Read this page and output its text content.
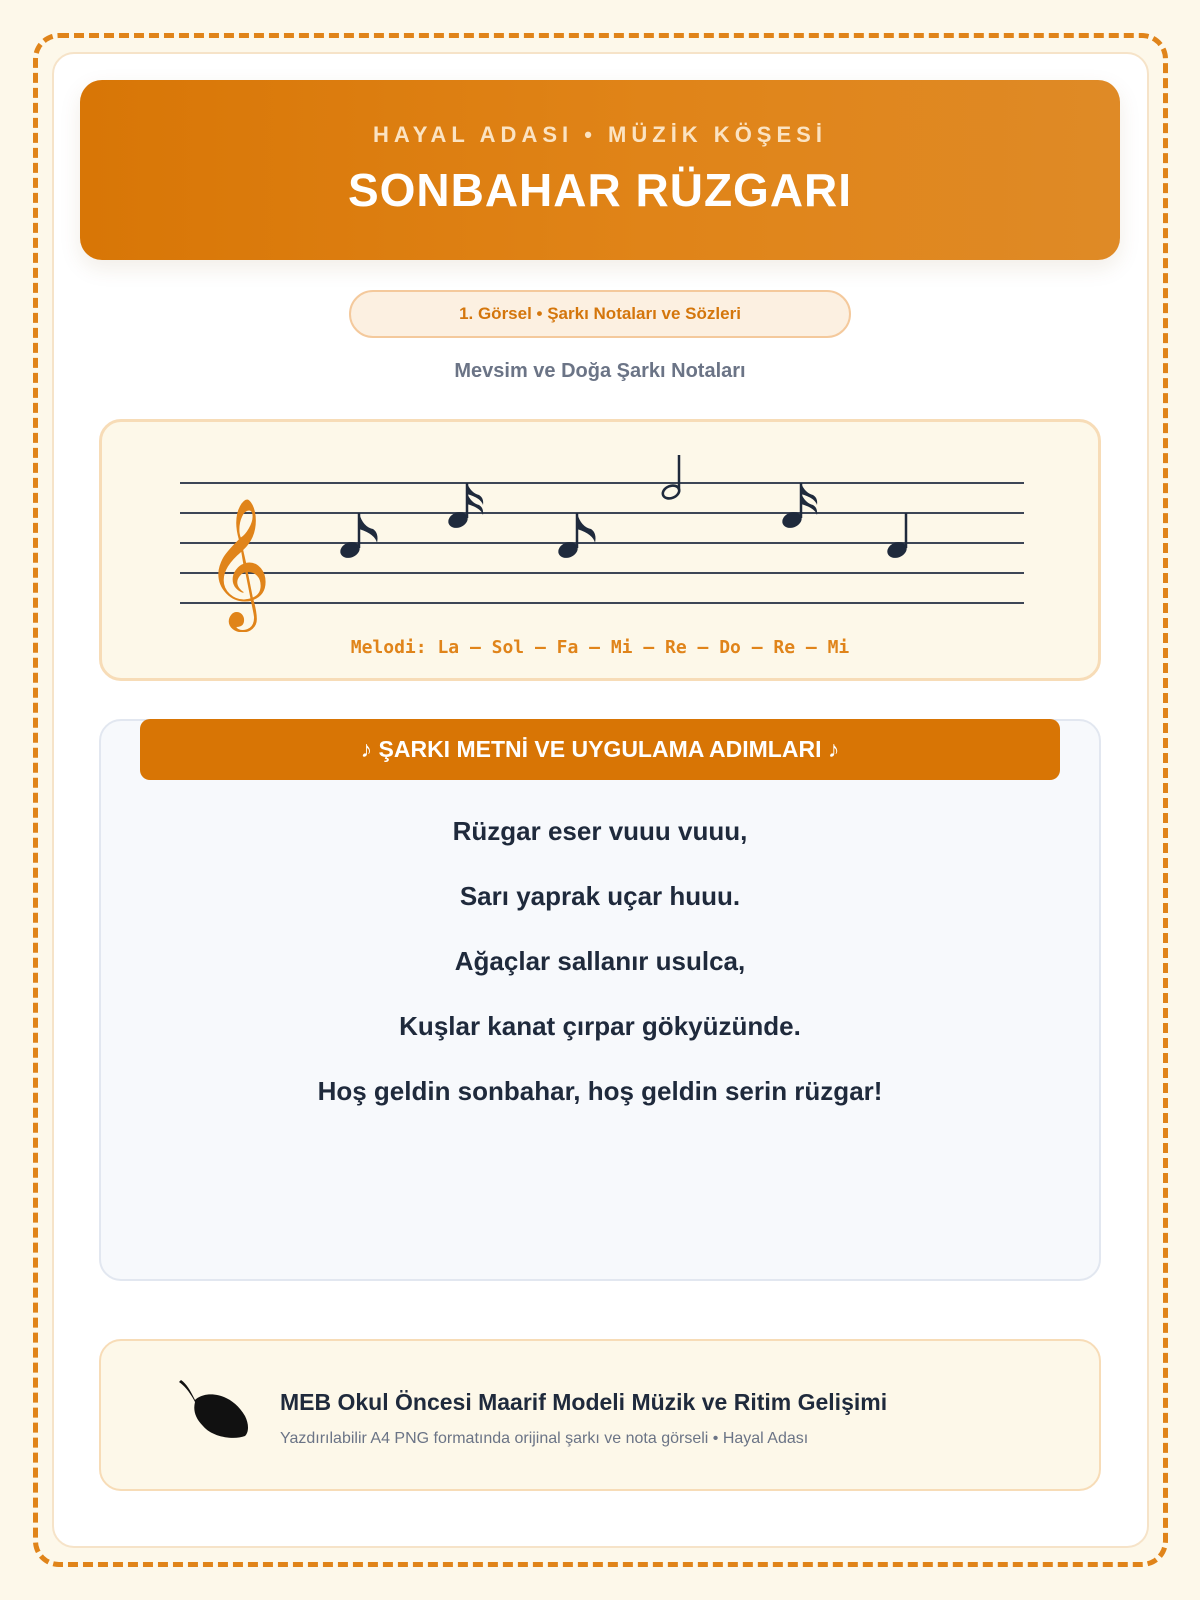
HAYAL ADASI • MÜZİK KÖŞESİ
SONBAHAR RÜZGARI
1. Görsel • Şarkı Notaları ve Sözleri
Mevsim ve Doğa Şarkı Notaları
𝄞
Melodi: La – Sol – Fa – Mi – Re – Do – Re – Mi
♪ ŞARKI METNİ VE UYGULAMA ADIMLARI ♪
Rüzgar eser vuuu vuuu,
Sarı yaprak uçar huuu.
Ağaçlar sallanır usulca,
Kuşlar kanat çırpar gökyüzünde.
Hoş geldin sonbahar, hoş geldin serin rüzgar!
MEB Okul Öncesi Maarif Modeli Müzik ve Ritim Gelişimi
Yazdırılabilir A4 PNG formatında orijinal şarkı ve nota görseli • Hayal Adası
